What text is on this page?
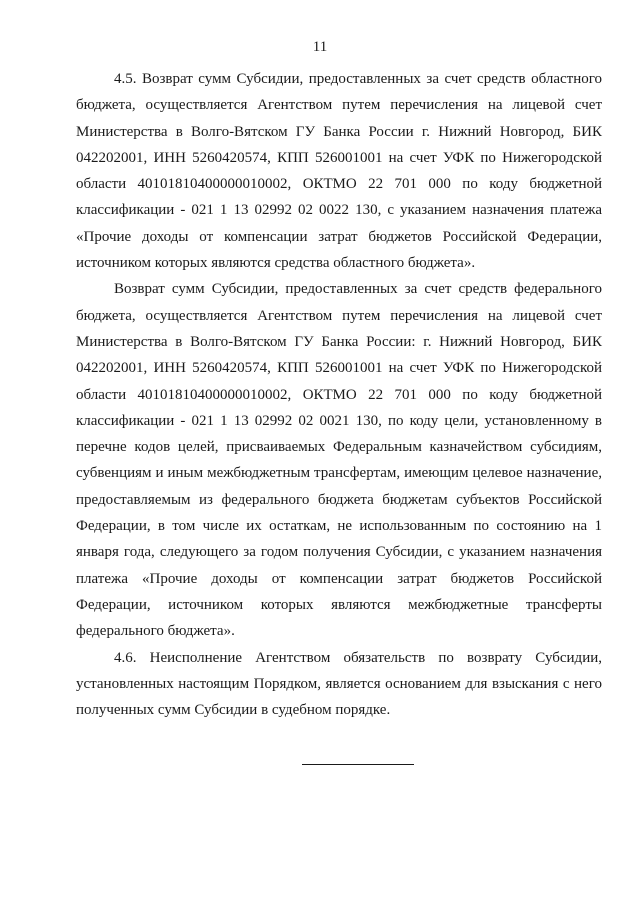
11

4.5. Возврат сумм Субсидии, предоставленных за счет средств областного бюджета, осуществляется Агентством путем перечисления на лицевой счет Министерства в Волго-Вятском ГУ Банка России г. Нижний Новгород, БИК 042202001, ИНН 5260420574, КПП 526001001 на счет УФК по Нижегородской области 40101810400000010002, ОКТМО 22 701 000 по коду бюджетной классификации - 021 1 13 02992 02 0022 130, с указанием назначения платежа «Прочие доходы от компенсации затрат бюджетов Российской Федерации, источником которых являются средства областного бюджета».

Возврат сумм Субсидии, предоставленных за счет средств федерального бюджета, осуществляется Агентством путем перечисления на лицевой счет Министерства в Волго-Вятском ГУ Банка России: г. Нижний Новгород, БИК 042202001, ИНН 5260420574, КПП 526001001 на счет УФК по Нижегородской области 40101810400000010002, ОКТМО 22 701 000 по коду бюджетной классификации - 021 1 13 02992 02 0021 130, по коду цели, установленному в перечне кодов целей, присваиваемых Федеральным казначейством субсидиям, субвенциям и иным межбюджетным трансфертам, имеющим целевое назначение, предоставляемым из федерального бюджета бюджетам субъектов Российской Федерации, в том числе их остаткам, не использованным по состоянию на 1 января года, следующего за годом получения Субсидии, с указанием назначения платежа «Прочие доходы от компенсации затрат бюджетов Российской Федерации, источником которых являются межбюджетные трансферты федерального бюджета».

4.6. Неисполнение Агентством обязательств по возврату Субсидии, установленных настоящим Порядком, является основанием для взыскания с него полученных сумм Субсидии в судебном порядке.
